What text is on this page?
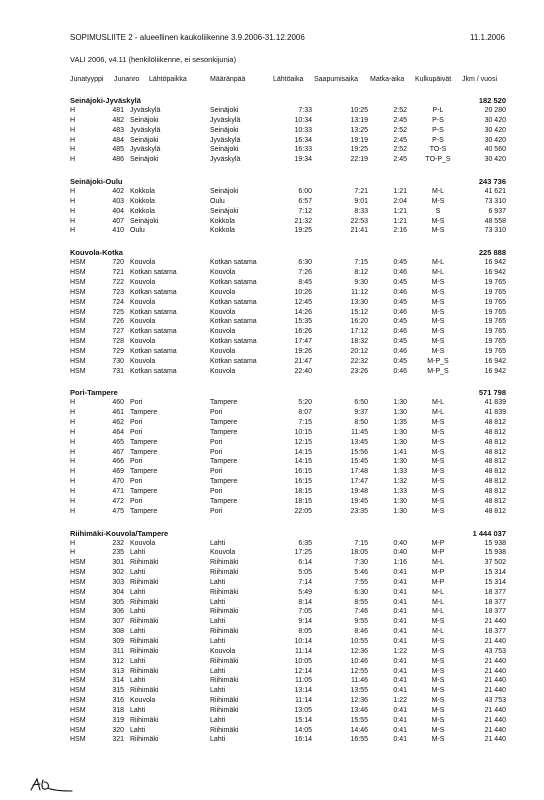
SOPIMUSLIITE 2 - alueellinen kaukoliikenne 3.9.2006-31.12.2006	11.1.2006
VALI 2006, v4.11 (henkilöliikenne, ei sesonkijunia)
Junatyyppi Junanro Lähtöpaikka	Määränpää	Lähtöaika Saapumisaika Matka-aika Kulkupäivät Jkm / vuosi
Seinäjoki-Jyväskylä	182 520
H	481 Jyväskylä	Seinäjoki	7:33	10:25	2:52	P-L	20 280
H	482 Seinäjoki	Jyväskylä	10:34	13:19	2:45	P-S	30 420
H	483 Jyväskylä	Seinäjoki	10:33	13:25	2:52	P-S	30 420
H	484 Seinäjoki	Jyväskylä	16:34	19:19	2:45	P-S	30 420
H	485 Jyväskylä	Seinäjoki	16:33	19:25	2:52	TO-S	40 560
H	486 Seinäjoki	Jyväskylä	19:34	22:19	2:45	TO-P_S	30 420
Seinäjoki-Oulu	243 736
H	402 Kokkola	Seinäjoki	6:00	7:21	1:21	M-L	41 621
H	403 Kokkola	Oulu	6:57	9:01	2:04	M-S	73 310
H	404 Kokkola	Seinäjoki	7:12	8:33	1:21	S	6 937
H	407 Seinäjoki	Kokkola	21:32	22:53	1:21	M-S	48 558
H	410 Oulu	Kokkola	19:25	21:41	2:16	M-S	73 310
Kouvola-Kotka	225 888
HSM	720 Kouvola	Kotkan satama	6:30	7:15	0:45	M-L	16 942
HSM	721 Kotkan satama	Kouvola	7:26	8:12	0:46	M-L	16 942
HSM	722 Kouvola	Kotkan satama	8:45	9:30	0:45	M-S	19 765
HSM	723 Kotkan satama	Kouvola	10:26	11:12	0:46	M-S	19 765
HSM	724 Kouvola	Kotkan satama	12:45	13:30	0:45	M-S	19 765
HSM	725 Kotkan satama	Kouvola	14:26	15:12	0:46	M-S	19 765
HSM	726 Kouvola	Kotkan satama	15:35	16:20	0:45	M-S	19 765
HSM	727 Kotkan satama	Kouvola	16:26	17:12	0:46	M-S	19 765
HSM	728 Kouvola	Kotkan satama	17:47	18:32	0:45	M-S	19 765
HSM	729 Kotkan satama	Kouvola	19:26	20:12	0:46	M-S	19 765
HSM	730 Kouvola	Kotkan satama	21:47	22:32	0:45	M-P_S	16 942
HSM	731 Kotkan satama	Kouvola	22:40	23:26	0:46	M-P_S	16 942
Pori-Tampere	571 798
H	460 Pori	Tampere	5:20	6:50	1:30	M-L	41 839
H	461 Tampere	Pori	8:07	9:37	1:30	M-L	41 839
H	462 Pori	Tampere	7:15	8:50	1:35	M-S	48 812
H	464 Pori	Tampere	10:15	11:45	1:30	M-S	48 812
H	465 Tampere	Pori	12:15	13:45	1:30	M-S	48 812
H	467 Tampere	Pori	14:15	15:56	1:41	M-S	48 812
H	466 Pori	Tampere	14:15	15:45	1:30	M-S	48 812
H	469 Tampere	Pori	16:15	17:48	1:33	M-S	48 812
H	470 Pori	Tampere	16:15	17:47	1:32	M-S	48 812
H	471 Tampere	Pori	18:15	19:48	1:33	M-S	48 812
H	472 Pori	Tampere	18:15	19:45	1:30	M-S	48 812
H	475 Tampere	Pori	22:05	23:35	1:30	M-S	48 812
Riihimäki-Kouvola/Tampere	1 444 037
H	232 Kouvola	Lahti	6:35	7:15	0:40	M-P	15 938
H	235 Lahti	Kouvola	17:25	18:05	0:40	M-P	15 938
HSM	301 Riihimäki	Riihimäki	6:14	7:30	1:16	M-L	37 502
HSM	302 Lahti	Riihimäki	5:05	5:46	0:41	M-P	15 314
HSM	303 Riihimäki	Lahti	7:14	7:55	0:41	M-P	15 314
HSM	304 Lahti	Riihimäki	5:49	6:30	0:41	M-L	18 377
HSM	305 Riihimäki	Lahti	8:14	8:55	0:41	M-L	18 377
HSM	306 Lahti	Riihimäki	7:05	7:46	0:41	M-L	18 377
HSM	307 Riihimäki	Lahti	9:14	9:55	0:41	M-S	21 440
HSM	308 Lahti	Riihimäki	8:05	8:46	0:41	M-L	18 377
HSM	309 Riihimäki	Lahti	10:14	10:55	0:41	M-S	21 440
HSM	311 Riihimäki	Kouvola	11:14	12:36	1:22	M-S	43 753
HSM	312 Lahti	Riihimäki	10:05	10:46	0:41	M-S	21 440
HSM	313 Riihimäki	Lahti	12:14	12:55	0:41	M-S	21 440
HSM	314 Lahti	Riihimäki	11:05	11:46	0:41	M-S	21 440
HSM	315 Riihimäki	Lahti	13:14	13:55	0:41	M-S	21 440
HSM	316 Kouvola	Riihimäki	11:14	12:36	1:22	M-S	43 753
HSM	318 Lahti	Riihimäki	13:05	13:46	0:41	M-S	21 440
HSM	319 Riihimäki	Lahti	15:14	15:55	0:41	M-S	21 440
HSM	320 Lahti	Riihimäki	14:05	14:46	0:41	M-S	21 440
HSM	321 Riihimäki	Lahti	16:14	16:55	0:41	M-S	21 440
